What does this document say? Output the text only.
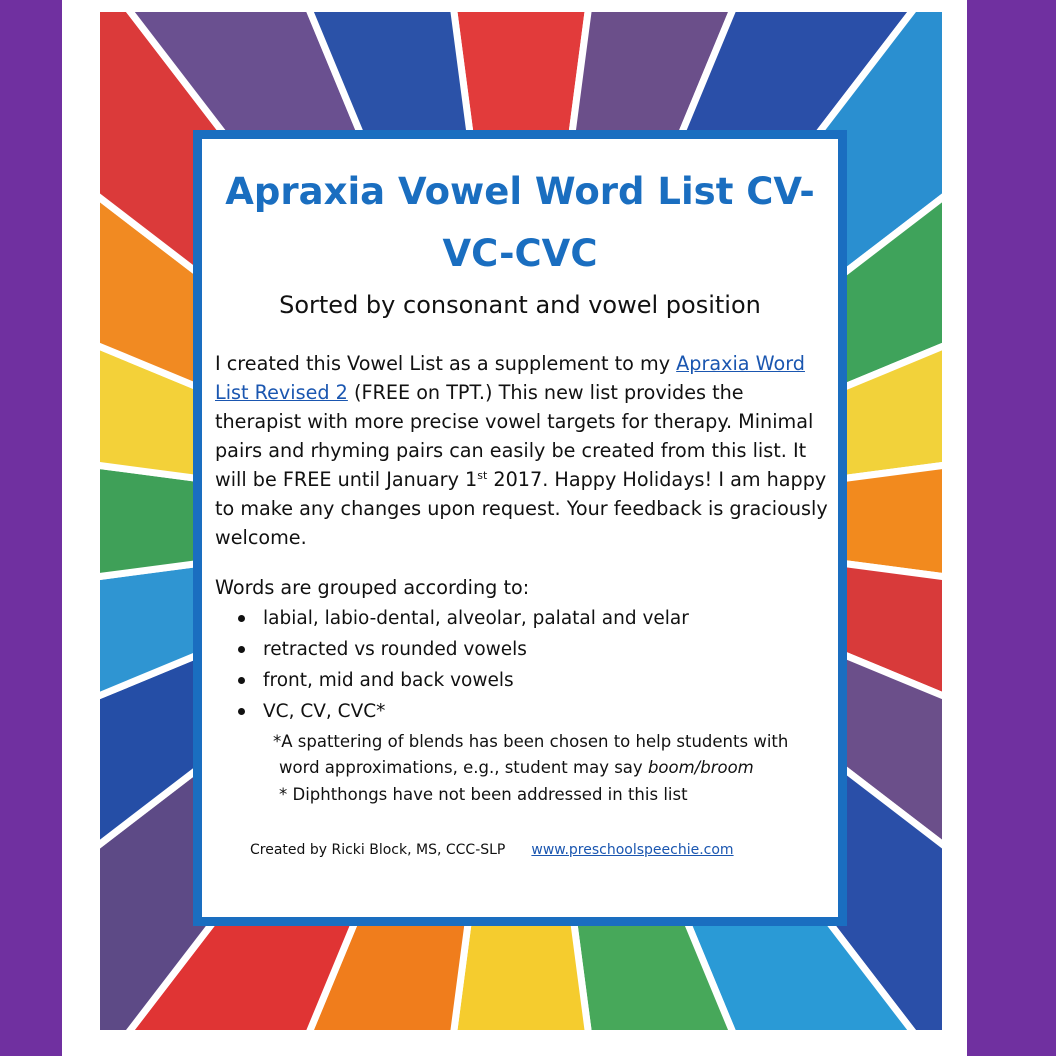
Apraxia Vowel Word List CV-VC-CVC

Sorted by consonant and vowel position

I created this Vowel List as a supplement to my Apraxia Word List Revised 2 (FREE on TPT.) This new list provides the therapist with more precise vowel targets for therapy. Minimal pairs and rhyming pairs can easily be created from this list. It will be FREE until January 1st 2017. Happy Holidays! I am happy to make any changes upon request. Your feedback is graciously welcome.

Words are grouped according to:

labial, labio-dental, alveolar, palatal and velar
retracted vs rounded vowels
front, mid and back vowels
VC, CV, CVC*

*A spattering of blends has been chosen to help students with word approximations, e.g., student may say boom/broom

* Diphthongs have not been addressed in this list

Created by Ricki Block, MS, CCC-SLP www.preschoolspeechie.com
